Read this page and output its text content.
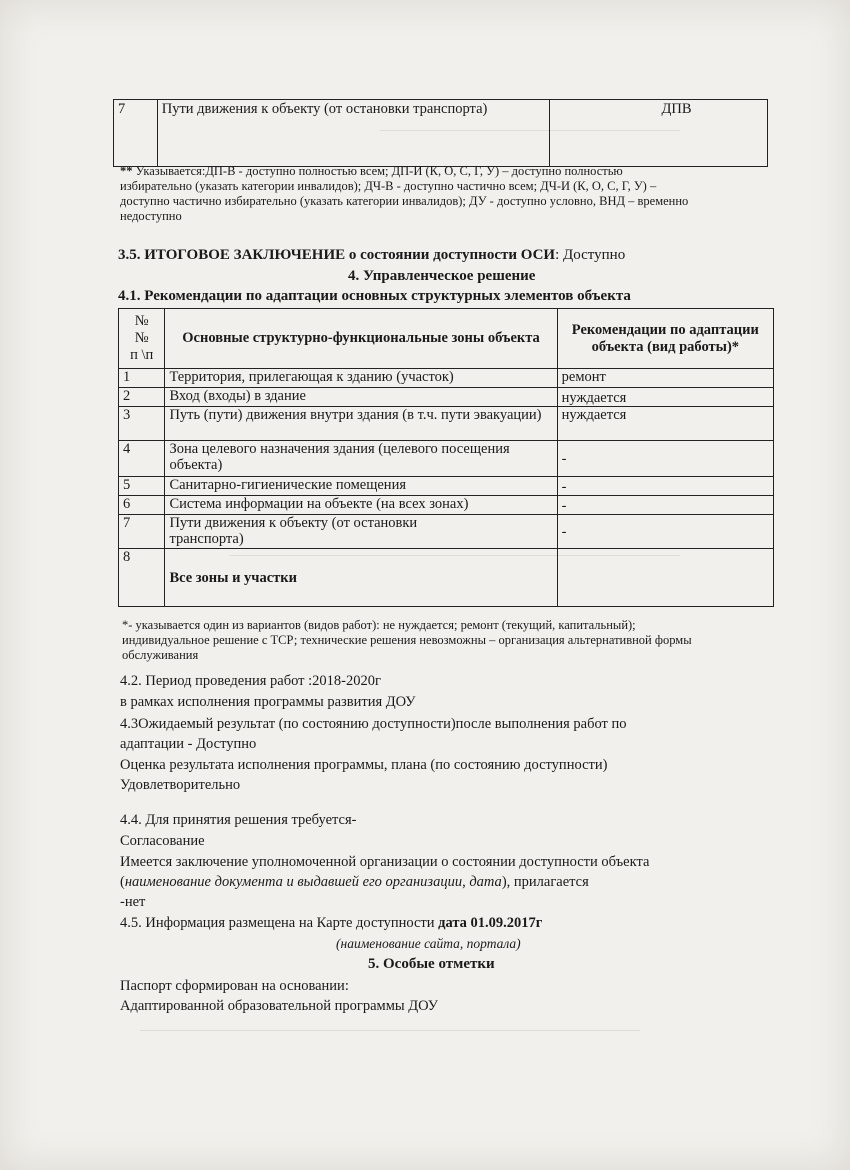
7	Пути движения к объекту (от остановки транспорта)	ДПВ
** Указывается:ДП-В - доступно полностью всем; ДП-И (К, О, С, Г, У) – доступно полностью
избирательно (указать категории инвалидов); ДЧ-В - доступно частично всем; ДЧ-И (К, О, С, Г, У) –
доступно частично избирательно (указать категории инвалидов); ДУ - доступно условно, ВНД – временно
недоступно
3.5. ИТОГОВОЕ ЗАКЛЮЧЕНИЕ о состоянии доступности ОСИ: Доступно
4. Управленческое решение
4.1. Рекомендации по адаптации основных структурных элементов объекта
№
№
п \п	Основные структурно-функциональные зоны объекта	Рекомендации по адаптации объекта (вид работы)*
1	Территория, прилегающая к зданию (участок)	ремонт
2	Вход (входы) в здание	нуждается
3	Путь (пути) движения внутри здания (в т.ч. пути эвакуации)	нуждается
4	Зона целевого назначения здания (целевого посещения объекта)	-
5	Санитарно-гигиенические помещения	-
6	Система информации на объекте (на всех зонах)	-
7	Пути движения к объекту (от остановки транспорта)	-
8	Все зоны и участки	
*- указывается один из вариантов (видов работ): не нуждается; ремонт (текущий, капитальный);
индивидуальное решение с ТСР; технические решения невозможны – организация альтернативной формы
обслуживания
4.2. Период проведения работ :2018-2020г
в рамках исполнения программы развития ДОУ
4.3Ожидаемый результат (по состоянию доступности)после выполнения работ по
адаптации - Доступно
Оценка результата исполнения программы, плана (по состоянию доступности)
Удовлетворительно
4.4. Для принятия решения требуется-
Согласование
Имеется заключение уполномоченной организации о состоянии доступности объекта
(наименование документа и выдавшей его организации, дата), прилагается
-нет
4.5. Информация размещена на Карте доступности дата 01.09.2017г
(наименование сайта, портала)
5. Особые отметки
Паспорт сформирован на основании:
Адаптированной образовательной программы ДОУ
